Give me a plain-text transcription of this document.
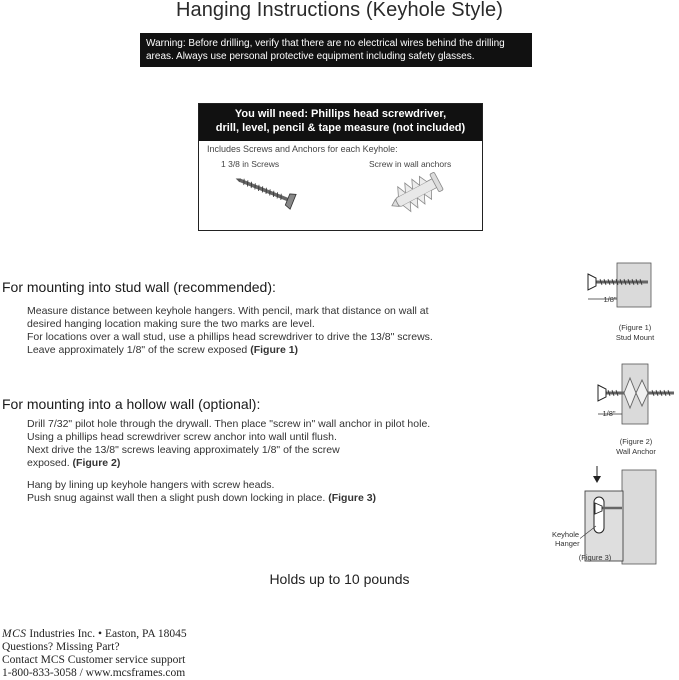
Hanging Instructions (Keyhole Style)
Warning: Before drilling, verify that there are no electrical wires behind the drilling areas. Always use personal protective equipment including safety glasses.
You will need: Phillips head screwdriver,
drill, level, pencil & tape measure (not included)
Includes Screws and Anchors for each Keyhole:
1 3/8 in Screws	Screw in wall anchors
For mounting into stud wall (recommended):
Measure distance between keyhole hangers. With pencil, mark that distance on wall at
desired hanging location making sure the two marks are level.
For locations over a wall stud, use a phillips head screwdriver to drive the 13/8" screws.
Leave approximately 1/8" of the screw exposed (Figure 1)
For mounting into a hollow wall (optional):
Drill 7/32" pilot hole through the drywall. Then place "screw in" wall anchor in pilot hole.
Using a phillips head screwdriver screw anchor into wall until flush.
Next drive the 13/8" screws leaving approximately 1/8" of the screw
exposed. (Figure 2)
Hang by lining up keyhole hangers with screw heads.
Push snug against wall then a slight push down locking in place. (Figure 3)
1/8"
(Figure 1)
Stud Mount
1/8"
(Figure 2)
Wall Anchor
Keyhole
Hanger
(Figure 3)
Holds up to 10 pounds
MCS Industries Inc. • Easton, PA 18045
Questions? Missing Part?
Contact MCS Customer service support
1-800-833-3058 / www.mcsframes.com
